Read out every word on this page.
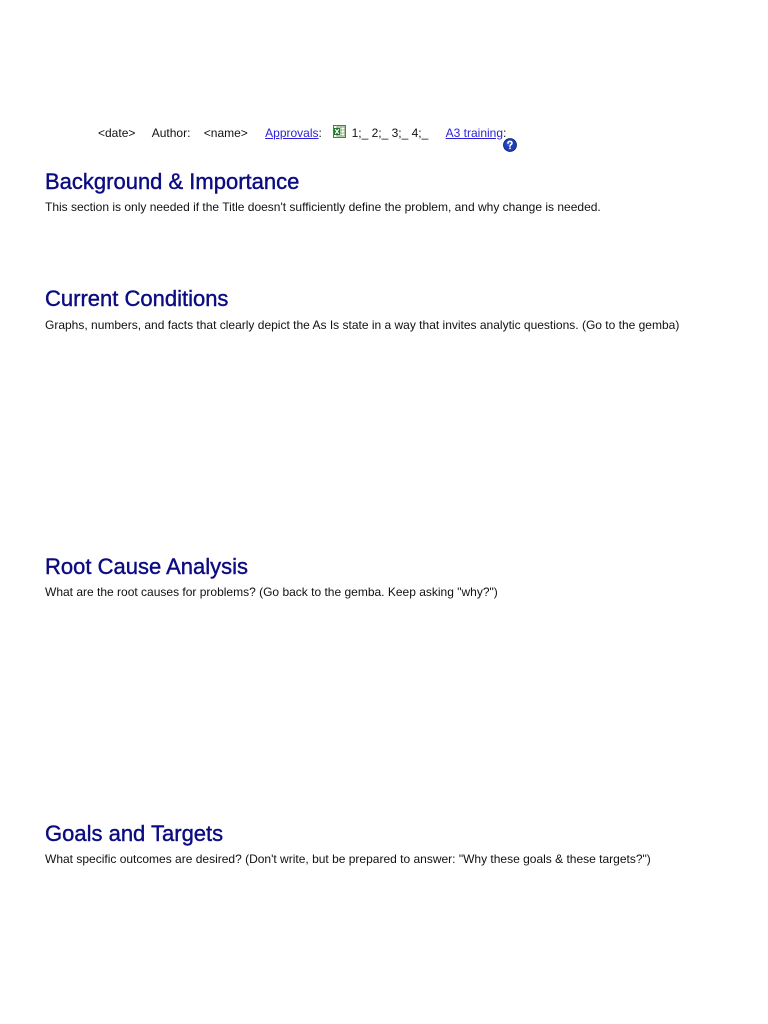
<date> Author: <name> Approvals: 1;_ 2;_ 3;_ 4;_ A3 training:
Background & Importance

This section is only needed if the Title doesn't sufficiently define the problem, and why change is needed.

Current Conditions

Graphs, numbers, and facts that clearly depict the As Is state in a way that invites analytic questions. (Go to the gemba)

Root Cause Analysis

What are the root causes for problems? (Go back to the gemba. Keep asking "why?")

Goals and Targets

What specific outcomes are desired? (Don't write, but be prepared to answer: "Why these goals & these targets?")
